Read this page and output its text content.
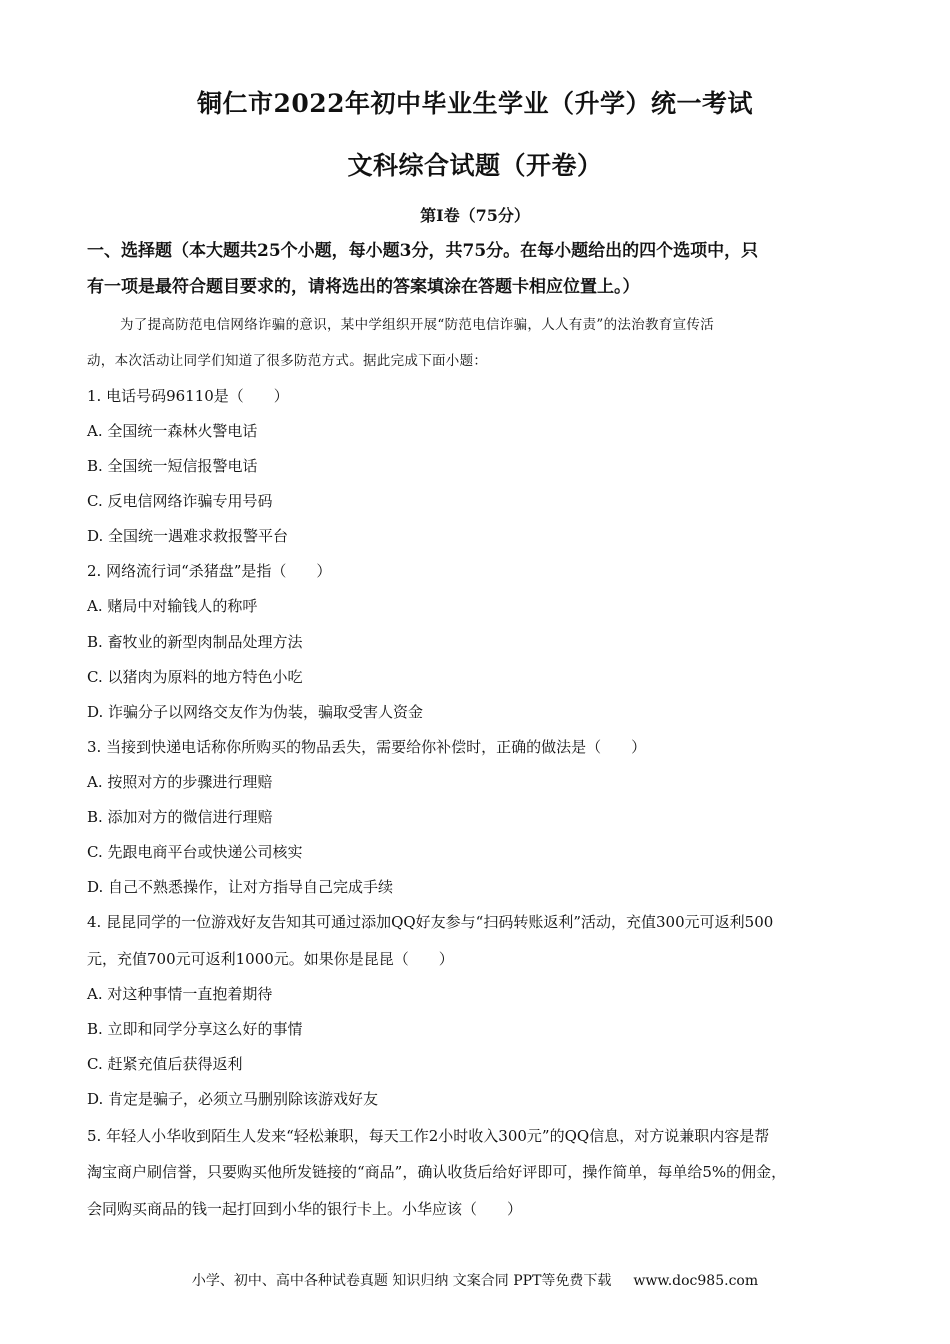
铜仁市2022年初中毕业生学业（升学）统一考试
文科综合试题（开卷）
第I卷（75分）
一、选择题（本大题共25个小题，每小题3分，共75分。在每小题给出的四个选项中，只
有一项是最符合题目要求的，请将选出的答案填涂在答题卡相应位置上。）
为了提高防范电信网络诈骗的意识，某中学组织开展“防范电信诈骗，人人有责”的法治教育宣传活
动，本次活动让同学们知道了很多防范方式。据此完成下面小题：
1. 电话号码96110是（　　）
A. 全国统一森林火警电话
B. 全国统一短信报警电话
C. 反电信网络诈骗专用号码
D. 全国统一遇难求救报警平台
2. 网络流行词“杀猪盘”是指（　　）
A. 赌局中对输钱人的称呼
B. 畜牧业的新型肉制品处理方法
C. 以猪肉为原料的地方特色小吃
D. 诈骗分子以网络交友作为伪装，骗取受害人资金
3. 当接到快递电话称你所购买的物品丢失，需要给你补偿时，正确的做法是（　　）
A. 按照对方的步骤进行理赔
B. 添加对方的微信进行理赔
C. 先跟电商平台或快递公司核实
D. 自己不熟悉操作，让对方指导自己完成手续
4. 昆昆同学的一位游戏好友告知其可通过添加QQ好友参与“扫码转账返利”活动，充值300元可返利500
元，充值700元可返利1000元。如果你是昆昆（　　）
A. 对这种事情一直抱着期待
B. 立即和同学分享这么好的事情
C. 赶紧充值后获得返利
D. 肯定是骗子，必须立马删别除该游戏好友
5. 年轻人小华收到陌生人发来“轻松兼职，每天工作2小时收入300元”的QQ信息，对方说兼职内容是帮
淘宝商户刷信誉，只要购买他所发链接的“商品”，确认收货后给好评即可，操作简单，每单给5%的佣金，
会同购买商品的钱一起打回到小华的银行卡上。小华应该（　　）
小学、初中、高中各种试卷真题 知识归纳 文案合同 PPT等免费下载 www.doc985.com
